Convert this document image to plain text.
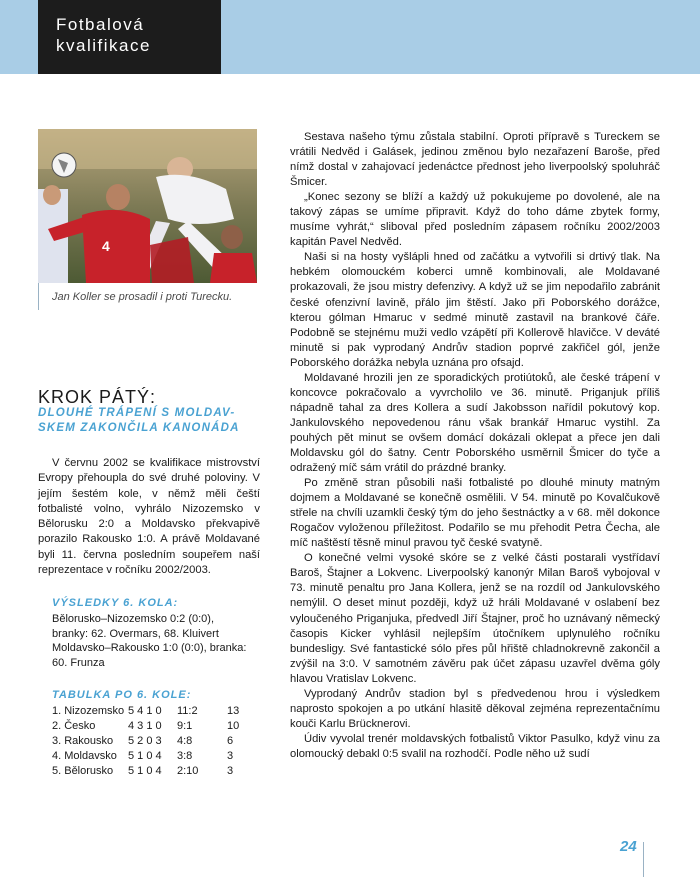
Fotbalová
kvalifikace
4
Jan Koller se prosadil i proti Turecku.
KROK PÁTÝ:
DLOUHÉ TRÁPENÍ S MOLDAV-
SKEM ZAKONČILA KANONÁDA

V červnu 2002 se kvalifikace mistrovství Evropy přehoupla do své druhé poloviny. V jejím šestém kole, v němž měli čeští fotbalisté volno, vyhrálo Nizozemsko v Bělorusku 2:0 a Moldavsko překvapivě porazilo Rakousko 1:0. A právě Moldavané byli 11. června posledním soupeřem naší reprezentace v ročníku 2002/2003.

VÝSLEDKY 6. KOLA:
Bělorusko–Nizozemsko 0:2 (0:0),
branky: 62. Overmars, 68. Kluivert
Moldavsko–Rakousko 1:0 (0:0), branka:
60. Frunza
TABULKA PO 6. KOLE:
1. Nizozemsko	5 4 1 0	11:2	13
2. Česko	4 3 1 0	9:1	10
3. Rakousko	5 2 0 3	4:8	6
4. Moldavsko	5 1 0 4	3:8	3
5. Bělorusko	5 1 0 4	2:10	3

Sestava našeho týmu zůstala stabilní. Oproti přípravě s Tureckem se vrátili Nedvěd i Galásek, jedinou změnou bylo nezařazení Baroše, před nímž dostal v zahajovací jedenáctce přednost jeho liverpoolský spoluhráč Šmicer.

„Konec sezony se blíží a každý už pokukujeme po dovolené, ale na takový zápas se umíme připravit. Když do toho dáme zbytek formy, musíme vyhrát,“ sliboval před posledním zápasem ročníku 2002/2003 kapitán Pavel Nedvěd.

Naši si na hosty vyšlápli hned od začátku a vytvořili si drtivý tlak. Na hebkém olomouckém koberci umně kombinovali, ale Moldavané prokazovali, že jsou mistry defenzivy. A když už se jim nepodařilo zabránit české ofenzivní lavině, přálo jim štěstí. Jako při Poborského dorážce, kterou gólman Hmaruc v sedmé minutě zastavil na brankové čáře. Podobně se stejnému muži vedlo vzápětí při Kollerově hlavičce. V deváté minutě si pak vyprodaný Andrův stadion poprvé zakřičel gól, jenže Poborského dorážka nebyla uznána pro ofsajd.

Moldavané hrozili jen ze sporadických protiútoků, ale české trápení v koncovce pokračovalo a vyvrcholilo ve 36. minutě. Priganjuk příliš nápadně tahal za dres Kollera a sudí Jakobsson nařídil pokutový kop. Jankulovského nepovedenou ránu však brankář Hmaruc vystihl. Za pouhých pět minut se ovšem domácí dokázali oklepat a přece jen dali Moldavsku gól do šatny. Centr Poborského usměrnil Šmicer do tyče a odražený míč sám vrátil do prázdné branky.

Po změně stran působili naši fotbalisté po dlouhé minuty matným dojmem a Moldavané se konečně osmělili. V 54. minutě po Kovalčukově střele na chvíli uzamkli český tým do jeho šestnáctky a v 68. měl dokonce Rogačov vyloženou příležitost. Podařilo se mu přehodit Petra Čecha, ale míč naštěstí těsně minul pravou tyč české svatyně.

O konečné velmi vysoké skóre se z velké části postarali vystřídaví Baroš, Štajner a Lokvenc. Liverpoolský kanonýr Milan Baroš vybojoval v 73. minutě penaltu pro Jana Kollera, jenž se na rozdíl od Jankulovského nemýlil. O deset minut později, když už hráli Moldavané v oslabení bez vyloučeného Priganjuka, předvedl Jiří Štajner, proč ho uznávaný německý časopis Kicker vyhlásil nejlepším útočníkem uplynulého ročníku bundesligy. Své fantastické sólo přes půl hřiště chladnokrevně zakončil a zvýšil na 3:0. V samotném závěru pak účet zápasu uzavřel dvěma góly hlavou Vratislav Lokvenc.

Vyprodaný Andrův stadion byl s předvedenou hrou i výsledkem naprosto spokojen a po utkání hlasitě děkoval zejména reprezentačnímu kouči Karlu Brücknerovi.

Údiv vyvolal trenér moldavských fotbalistů Viktor Pasulko, když vinu za olomoucký debakl 0:5 svalil na rozhodčí. Podle něho už sudí

24
